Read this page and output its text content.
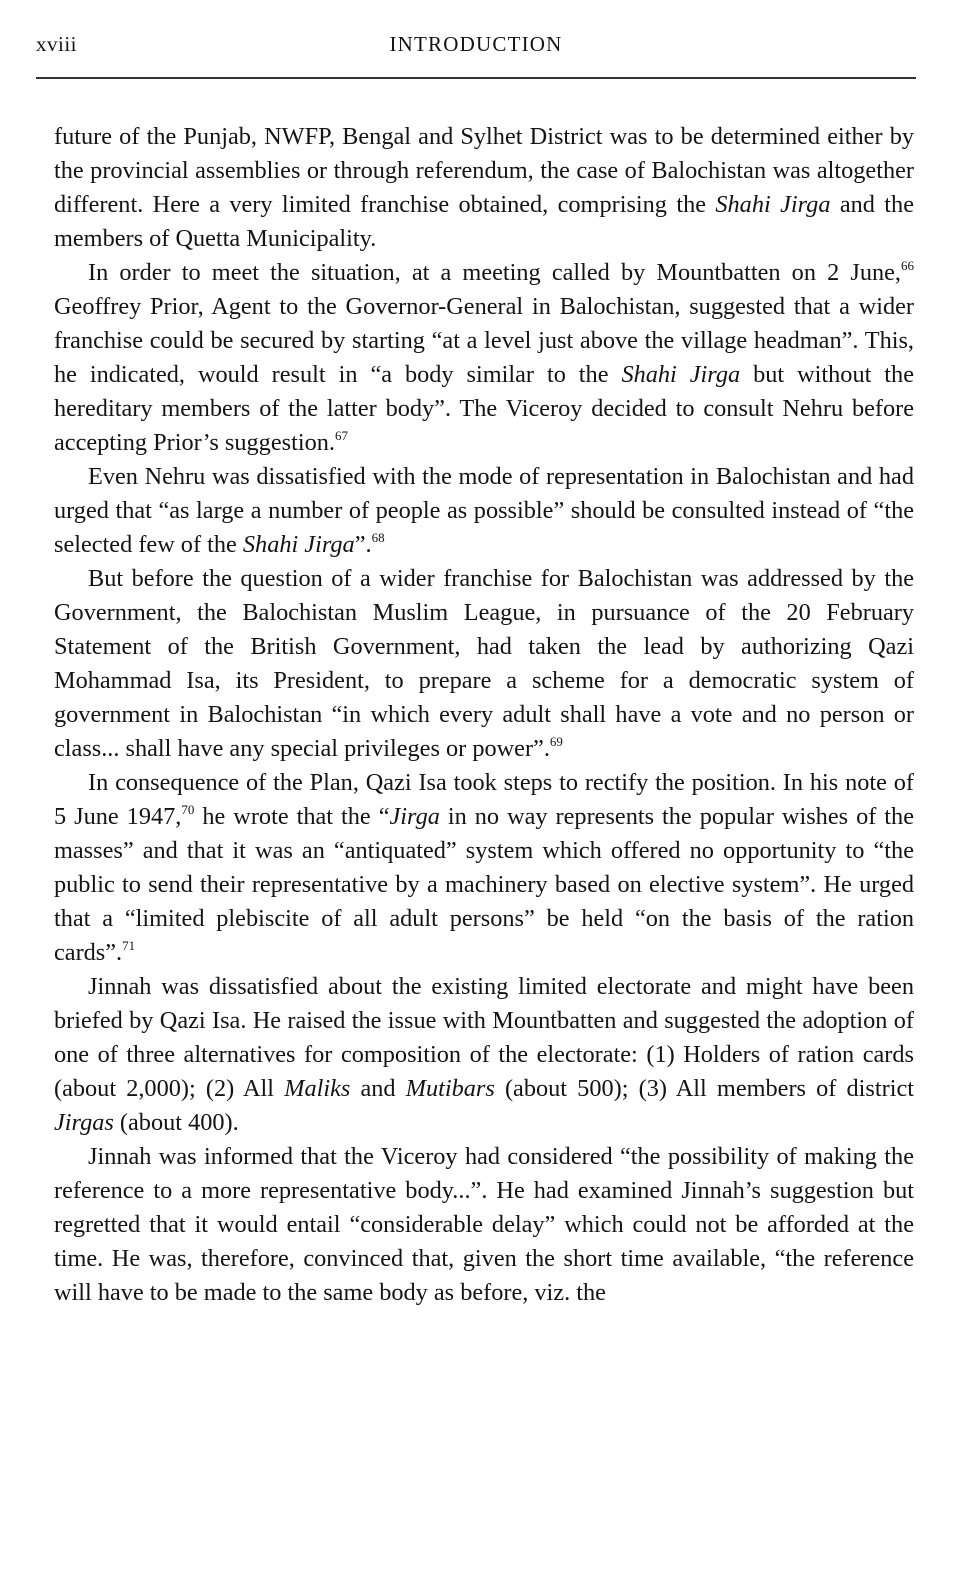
xviii	INTRODUCTION

future of the Punjab, NWFP, Bengal and Sylhet District was to be determined either by the provincial assemblies or through referendum, the case of Balochistan was altogether different. Here a very limited franchise obtained, comprising the Shahi Jirga and the members of Quetta Municipality.

In order to meet the situation, at a meeting called by Mountbatten on 2 June,$^{66}$ Geoffrey Prior, Agent to the Governor-General in Balochistan, suggested that a wider franchise could be secured by starting “at a level just above the village headman”. This, he indicated, would result in “a body similar to the Shahi Jirga but without the hereditary members of the latter body”. The Viceroy decided to consult Nehru before accepting Prior’s suggestion.$^{67}$

Even Nehru was dissatisfied with the mode of representation in Balochistan and had urged that “as large a number of people as possible” should be consulted instead of “the selected few of the Shahi Jirga”.$^{68}$

But before the question of a wider franchise for Balochistan was addressed by the Government, the Balochistan Muslim League, in pursuance of the 20 February Statement of the British Government, had taken the lead by authorizing Qazi Mohammad Isa, its President, to prepare a scheme for a democratic system of government in Balochistan “in which every adult shall have a vote and no person or class... shall have any special privileges or power”.$^{69}$

In consequence of the Plan, Qazi Isa took steps to rectify the position. In his note of 5 June 1947,70 he wrote that the “Jirga in no way represents the popular wishes of the masses” and that it was an “antiquated” system which offered no opportunity to “the public to send their representative by a machinery based on elective system”. He urged that a “limited plebiscite of all adult persons” be held “on the basis of the ration cards”.$^{71}$

Jinnah was dissatisfied about the existing limited electorate and might have been briefed by Qazi Isa. He raised the issue with Mountbatten and suggested the adoption of one of three alternatives for composition of the electorate: (1) Holders of ration cards (about 2,000); (2) All Maliks and Mutibars (about 500); (3) All members of district Jirgas (about 400).

Jinnah was informed that the Viceroy had considered “the possibility of making the reference to a more representative body...”. He had examined Jinnah’s suggestion but regretted that it would entail “considerable delay” which could not be afforded at the time. He was, therefore, convinced that, given the short time available, “the reference will have to be made to the same body as before, viz. the
